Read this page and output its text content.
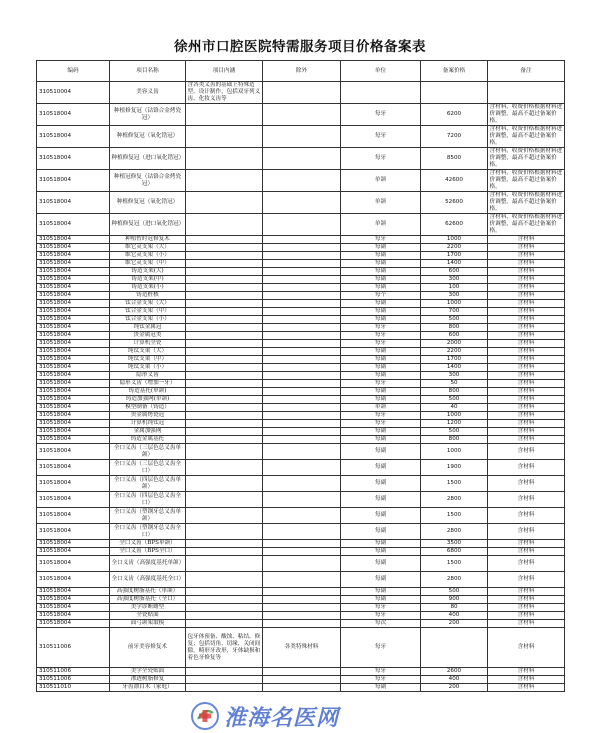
徐州市口腔医院特需服务项目价格备案表
编码	项目名称	项目内涵	除外	单位	备案价格	备注
310510004	美容义齿	含各类义齿的基础上特殊造型、设计制作，包括双牙列义齿、化妆义齿等				
310518004	种植修复冠（钴铬合金烤瓷冠）			每牙	6200	含材料，收费价格根据材料进价调整，最高不超过备案价格。
310518004	种植修复冠（氧化锆冠）			每牙	7200	含材料，收费价格根据材料进价调整，最高不超过备案价格。
310518004	种植修复冠（进口氧化锆冠）			每牙	8500	含材料，收费价格根据材料进价调整，最高不超过备案价格。
310518004	种植冠修复（钴铬合金烤瓷冠）			单颌	42600	含材料，收费价格根据材料进价调整，最高不超过备案价格。
310518004	种植修复冠（氧化锆冠）			单颌	52600	含材料，收费价格根据材料进价调整，最高不超过备案价格。
310518004	种植修复冠（进口氧化锆冠）			单颌	62600	含材料，收费价格根据材料进价调整，最高不超过备案价格。
310518004	种植暂时冠修复术			每牙	1000	含材料
310518004	维它灵支架（大）			每副	2200	含材料
310518004	维它灵支架（小）			每副	1700	含材料
310518004	维它灵支架（中）			每副	1400	含材料
310518004	铸造支架(大)			每副	600	含材料
310518004	铸造支架(中)			每副	300	含材料
310518004	铸造支架(小)			每副	100	含材料
310518004	铸造桩核			每个	300	含材料
310518004	钛合金支架（大）			每副	1000	含材料
310518004	钛合金支架（中）			每副	700	含材料
310518004	钛合金支架（小）			每副	500	含材料
310518004	纯钛金属冠			每牙	800	含材料
310518004	贵金属冠类			每牙	600	含材料
310518004	计算机全瓷			每牙	2000	含材料
310518004	纯钛支架（大）			每副	2200	含材料
310518004	纯钛支架（中）			每副	1700	含材料
310518004	纯钛支架（小）			每副	1400	含材料
310518004	隐形义齿			每副	300	含材料
310518004	隐形义齿（增加一牙）			每牙	50	含材料
310518004	铸造基托(单颌)			每副	800	含材料
310518004	铸造加强网(单颌)			每副	500	含材料
310518004	模型制备（铸造）			单颌	40	含材料
310518004	贵金属烤瓷冠			每牙	1000	含材料
310518004	计算机纯钛冠			每牙	1200	含材料
310518004	金属加强网			每副	500	含材料
310518004	铸造金属基托			每副	800	含材料
310518004	全口义齿（三层色总义齿单颌）			每副	1000	含材料
310518004	全口义齿（三层色总义齿全口）			每副	1900	含材料
310518004	全口义齿（四层色总义齿单颌）			每副	1500	含材料
310518004	全口义齿（四层色总义齿全口）			每副	2800	含材料
310518004	全口义齿（塑钢牙总义齿单颌）			每副	1500	含材料
310518004	全口义齿（塑钢牙总义齿全口）			每副	2800	含材料
310518004	全口义齿（BPS单颌）			每副	3500	含材料
310518004	全口义齿（BPS全口）			每副	6800	含材料
310518004	全口义齿（高强度基托单颌）			每副	1500	含材料
310518004	全口义齿（高强度基托全口）			每副	2800	含材料
310518004	高强度树脂基托（单颌）			每副	500	含材料
310518004	高强度树脂基托（全口）			每副	900	含材料
310518004	美学诊断蜡型			每牙	80	含材料
310518004	全瓷贴面			每牙	400	含材料
310518004	面弓颌架取模			每次	200	含材料
310511006	前牙美容修复术	包牙体预备、酸蚀、粘结、修复；包括切角、切缘，关闭间隙，畸形牙改形，牙体缺损和着色牙修复等	各类特殊材料	每牙		含材料
310511006	美学全瓷贴面			每牙	2600	含材料
310511006	渗透树脂修复			每牙	400	含材料
310511010	牙齿漂白术（家庭）			每副	200	含材料
淮海名医网
